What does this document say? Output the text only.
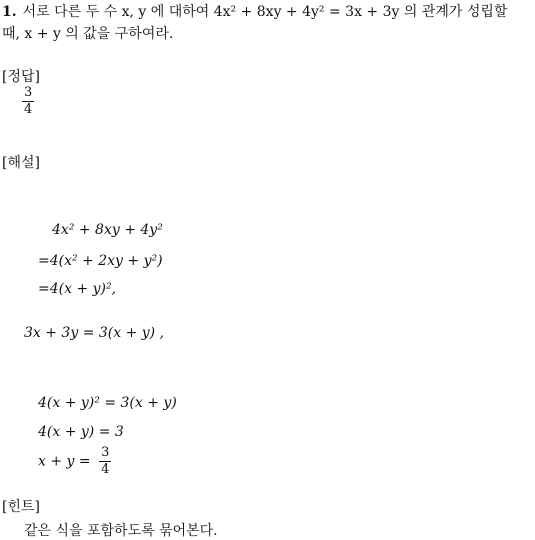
1. 서로 다른 두 수 x, y 에 대하여 4x² + 8xy + 4y² = 3x + 3y 의 관계가 성립할
때, x + y 의 값을 구하여라.
[정답]
$\frac{3}{4}$
[해설]
4x² + 8xy + 4y²
=4(x² + 2xy + y²)
=4(x + y)²,
3x + 3y = 3(x + y) ,
4(x + y)² = 3(x + y)
4(x + y) = 3
$x + y = \frac{3}{4}$
[힌트]
같은 식을 포함하도록 묶어본다.
